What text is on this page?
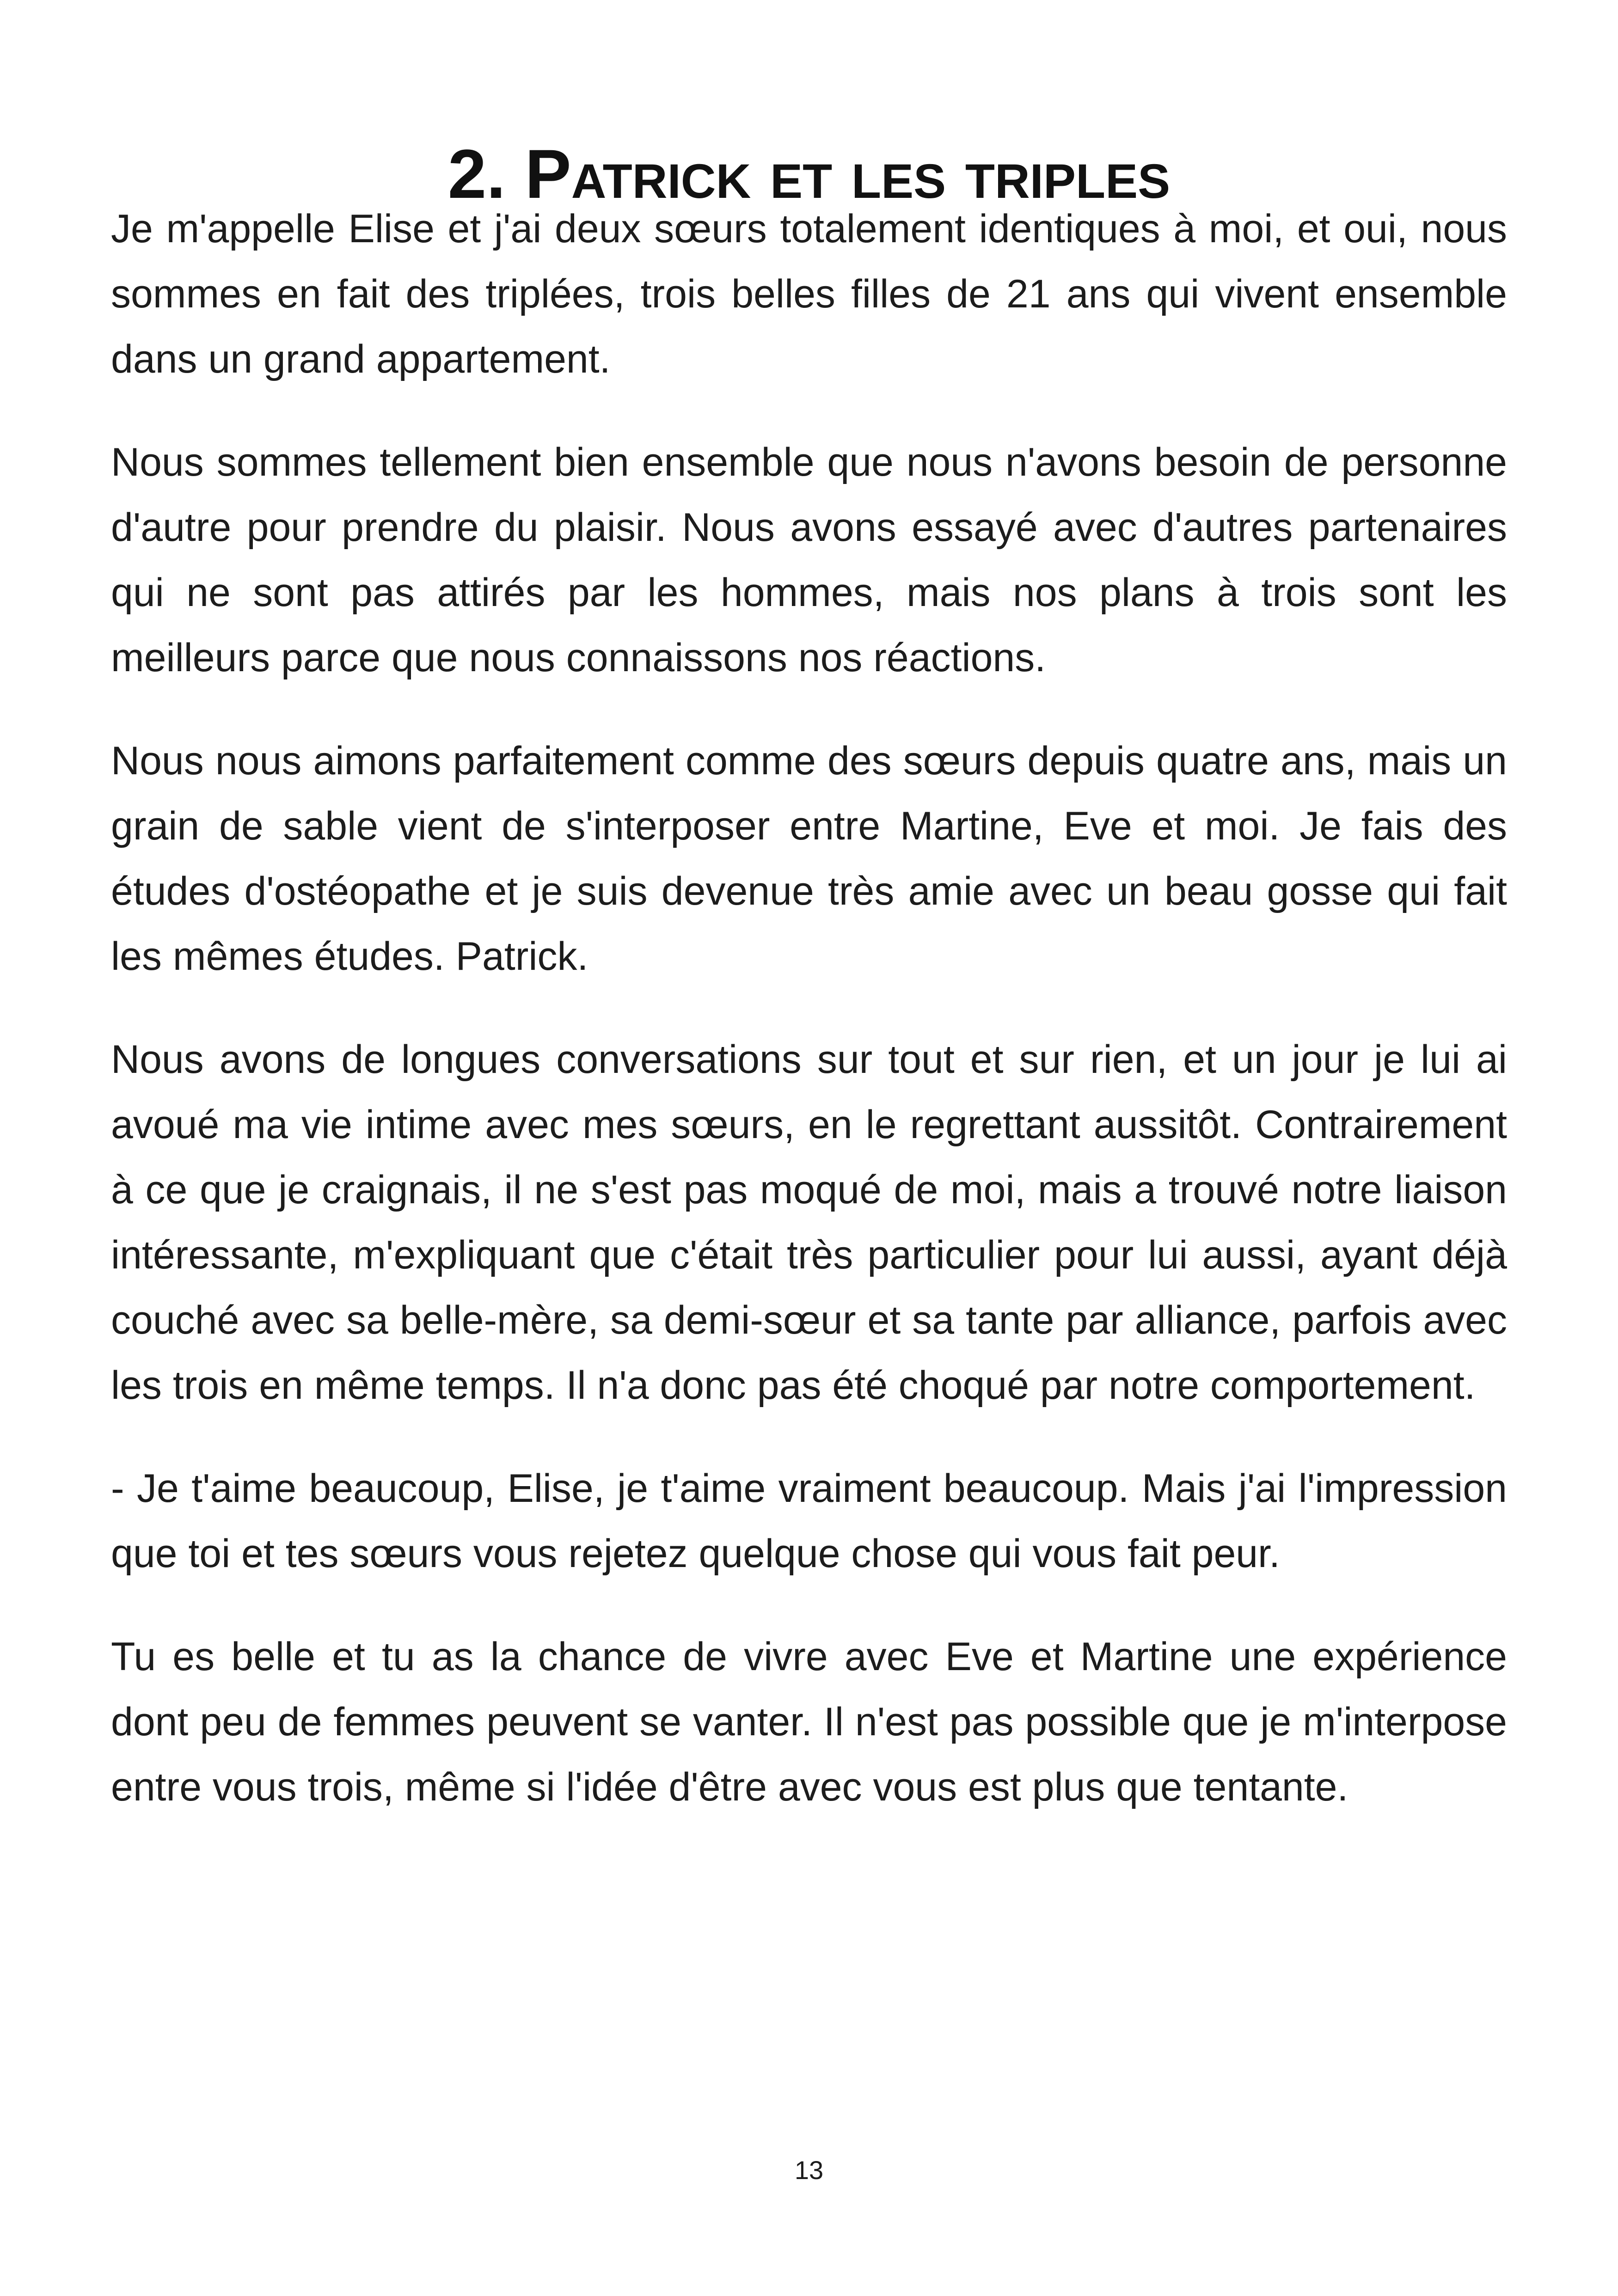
2. Patrick et les triples

Je m'appelle Elise et j'ai deux sœurs totalement identiques à moi, et oui, nous sommes en fait des triplées, trois belles filles de 21 ans qui vivent ensemble dans un grand appartement.

Nous sommes tellement bien ensemble que nous n'avons besoin de personne d'autre pour prendre du plaisir. Nous avons essayé avec d'autres partenaires qui ne sont pas attirés par les hommes, mais nos plans à trois sont les meilleurs parce que nous connaissons nos réactions.

Nous nous aimons parfaitement comme des sœurs depuis quatre ans, mais un grain de sable vient de s'interposer entre Martine, Eve et moi. Je fais des études d'ostéopathe et je suis devenue très amie avec un beau gosse qui fait les mêmes études. Patrick.

Nous avons de longues conversations sur tout et sur rien, et un jour je lui ai avoué ma vie intime avec mes sœurs, en le regrettant aussitôt. Contrairement à ce que je craignais, il ne s'est pas moqué de moi, mais a trouvé notre liaison intéressante, m'expliquant que c'était très particulier pour lui aussi, ayant déjà couché avec sa belle-mère, sa demi-sœur et sa tante par alliance, parfois avec les trois en même temps. Il n'a donc pas été choqué par notre comportement.

- Je t'aime beaucoup, Elise, je t'aime vraiment beaucoup. Mais j'ai l'impression que toi et tes sœurs vous rejetez quelque chose qui vous fait peur.

Tu es belle et tu as la chance de vivre avec Eve et Martine une expérience dont peu de femmes peuvent se vanter. Il n'est pas possible que je m'interpose entre vous trois, même si l'idée d'être avec vous est plus que tentante.

13
